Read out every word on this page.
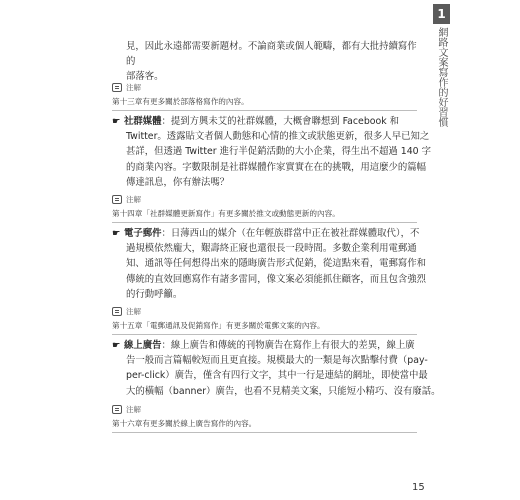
1
網路文案寫作的好習慣
見，因此永遠都需要新題材。不論商業或個人範疇，都有大批持續寫作的
部落客。
注解
第十三章有更多關於部落格寫作的內容。
☛ 社群媒體：提到方興未艾的社群媒體，大概會聯想到 Facebook 和
Twitter。透露貼文者個人動態和心情的推文或狀態更新，很多人早已知之
甚詳，但透過 Twitter 進行半促銷活動的大小企業，得生出不超過 140 字
的商業內容。字數限制是社群媒體作家實實在在的挑戰，用這麼少的篇幅
傳達訊息，你有辦法嗎？
注解
第十四章「社群媒體更新寫作」有更多關於推文或動態更新的內容。
☛ 電子郵件：日薄西山的媒介（在年輕族群當中正在被社群媒體取代），不
過規模依然龐大，艱壽終正寢也還很長一段時間。多數企業利用電郵通
知、通訊等任何想得出來的隱晦廣告形式促銷，從這點來看，電郵寫作和
傳統的直效回應寫作有諸多雷同，像文案必須能抓住顧客，而且包含強烈
的行動呼籲。
注解
第十五章「電郵通訊及促銷寫作」有更多關於電郵文案的內容。
☛ 線上廣告：線上廣告和傳統的刊物廣告在寫作上有很大的差異，線上廣
告一般而言篇幅較短而且更直接。規模最大的一類是每次點擊付費（pay-
per-click）廣告，僅含有四行文字，其中一行是連結的網址，即使當中最
大的橫幅（banner）廣告，也看不見精美文案，只能短小精巧、沒有廢話。
注解
第十六章有更多關於線上廣告寫作的內容。
15
